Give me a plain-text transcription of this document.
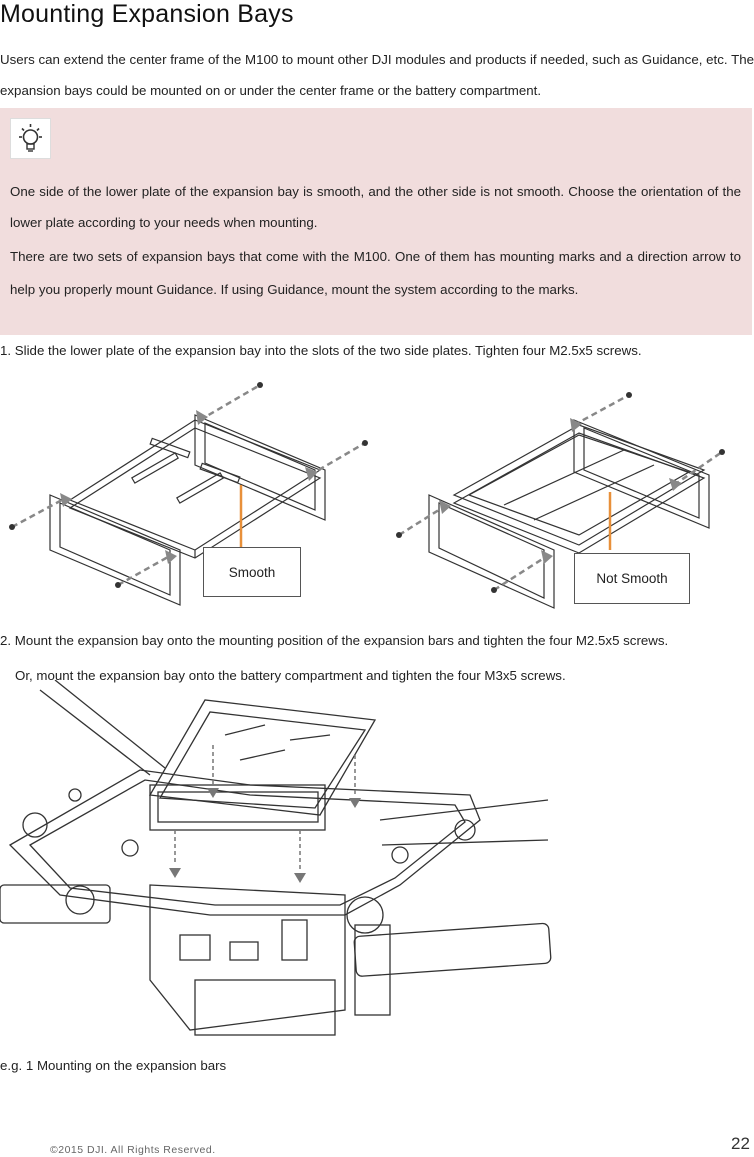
Mounting Expansion Bays
Users can extend the center frame of the M100 to mount other DJI modules and products if needed, such as Guidance, etc. The expansion bays could be mounted on or under the center frame or the battery compartment.
One side of the lower plate of the expansion bay is smooth, and the other side is not smooth. Choose the orientation of the lower plate according to your needs when mounting.
There are two sets of expansion bays that come with the M100. One of them has mounting marks and a direction arrow to help you properly mount Guidance. If using Guidance, mount the system according to the marks.
1. Slide the lower plate of the expansion bay into the slots of the two side plates. Tighten four M2.5x5 screws.
Smooth	Not Smooth
2. Mount the expansion bay onto the mounting position of the expansion bars and tighten the four M2.5x5 screws.
Or, mount the expansion bay onto the battery compartment and tighten the four M3x5 screws.
e.g. 1 Mounting on the expansion bars
©2015 DJI. All Rights Reserved.	22
